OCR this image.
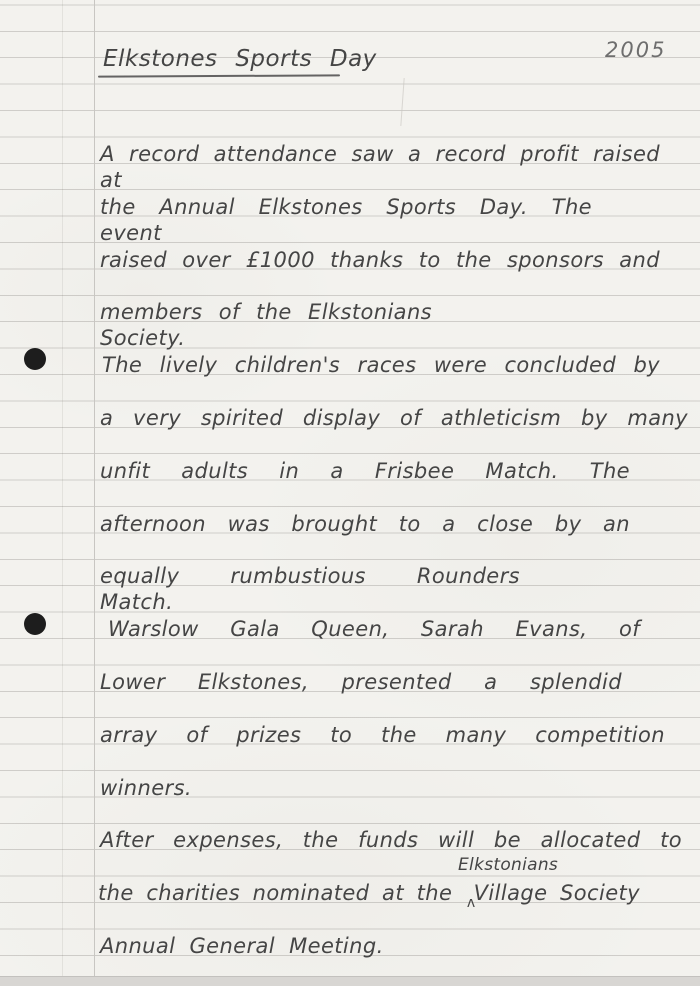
2005
Elkstones Sports Day
A record attendance saw a record profit raised at
the Annual Elkstones Sports Day. The event
raised over £1000 thanks to the sponsors and
members of the Elkstonians Society.
The lively children's races were concluded by
a very spirited display of athleticism by many
unfit adults in a Frisbee Match. The
afternoon was brought to a close by an
equally rumbustious Rounders Match.
Warslow Gala Queen, Sarah Evans, of
Lower Elkstones, presented a splendid
array of prizes to the many competition
winners.
After expenses, the funds will be allocated to
Elkstonians
the charities nominated at the ʌVillage Society
Annual General Meeting.
